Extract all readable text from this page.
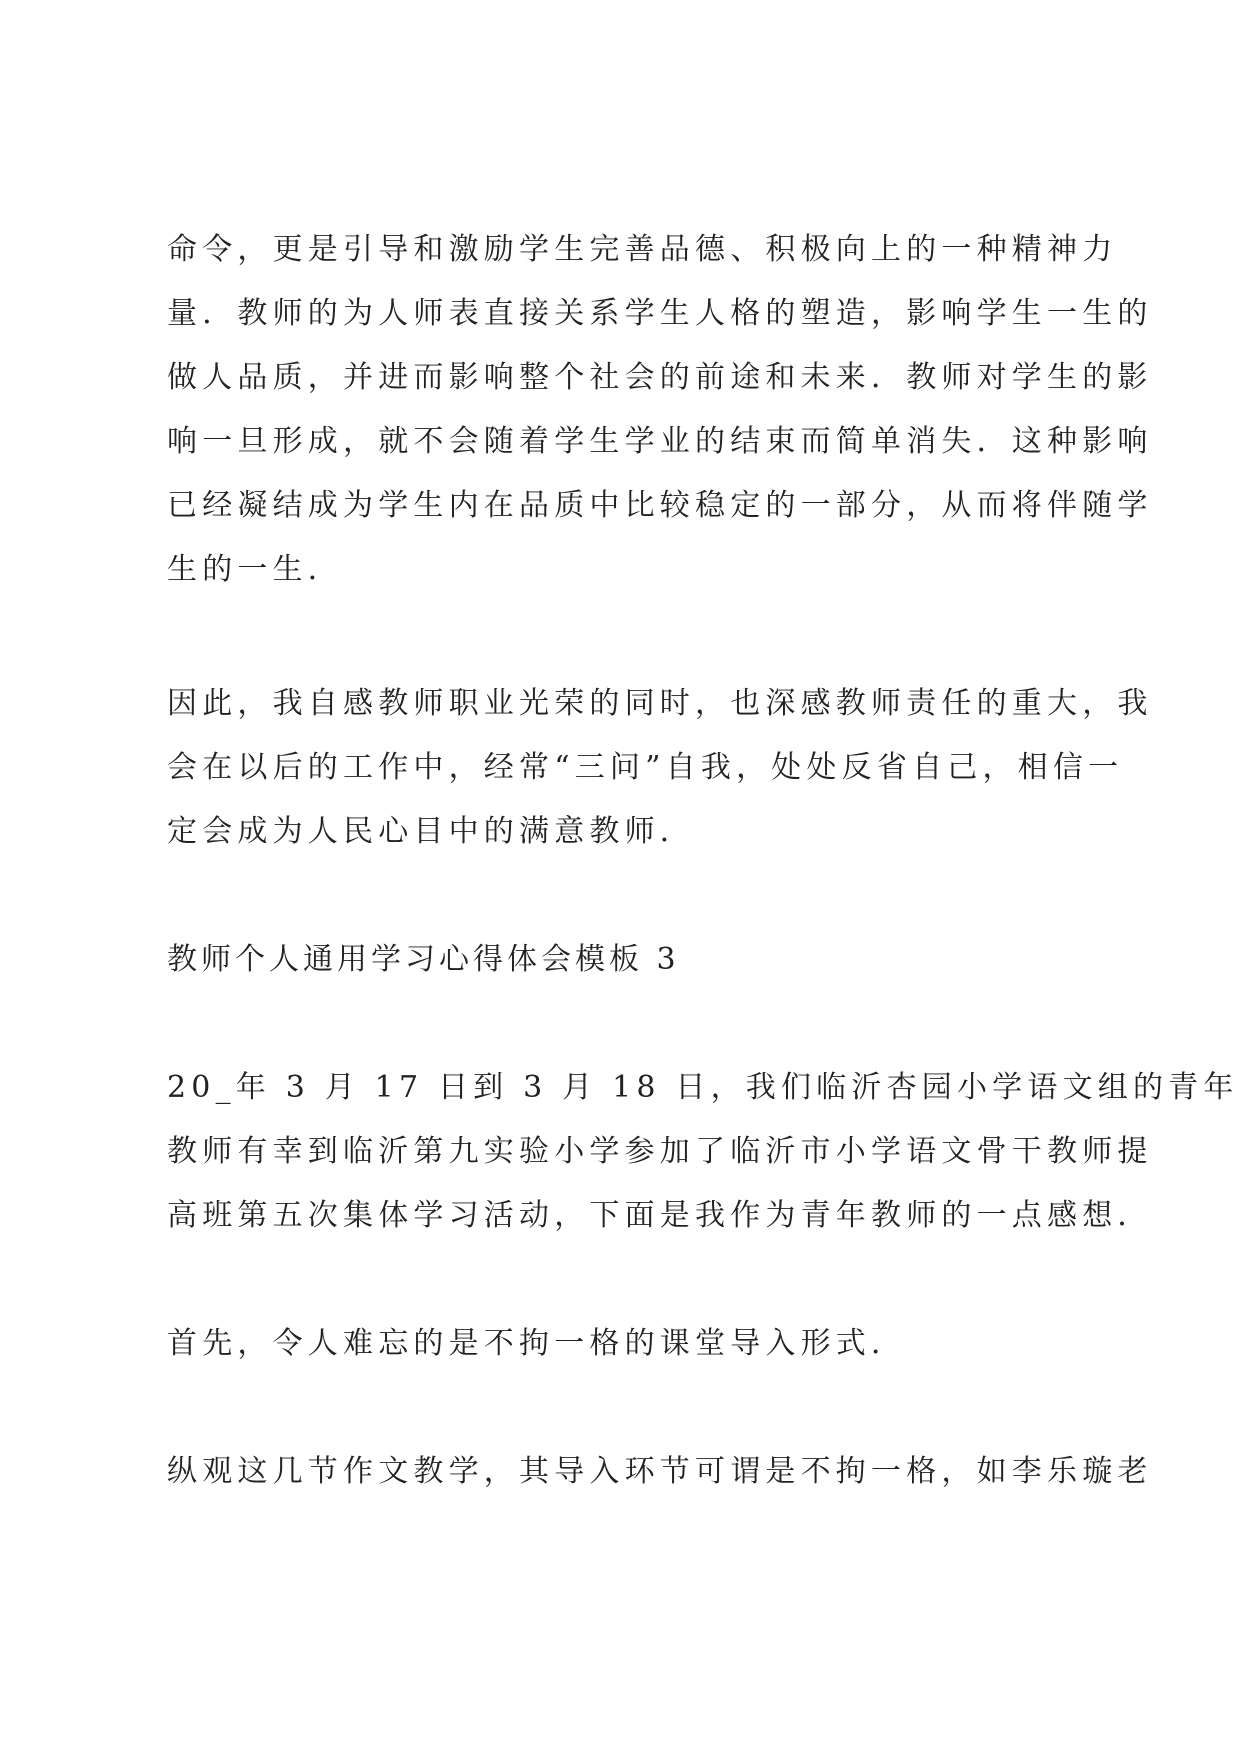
命令，更是引导和激励学生完善品德、积极向上的一种精神力
量．教师的为人师表直接关系学生人格的塑造，影响学生一生的
做人品质，并进而影响整个社会的前途和未来．教师对学生的影
响一旦形成，就不会随着学生学业的结束而简单消失．这种影响
已经凝结成为学生内在品质中比较稳定的一部分，从而将伴随学
生的一生．
因此，我自感教师职业光荣的同时，也深感教师责任的重大，我
会在以后的工作中，经常“三问”自我，处处反省自己，相信一
定会成为人民心目中的满意教师．
教师个人通用学习心得体会模板 3
20_年 3 月 17 日到 3 月 18 日，我们临沂杏园小学语文组的青年
教师有幸到临沂第九实验小学参加了临沂市小学语文骨干教师提
高班第五次集体学习活动，下面是我作为青年教师的一点感想．
首先，令人难忘的是不拘一格的课堂导入形式．
纵观这几节作文教学，其导入环节可谓是不拘一格，如李乐璇老
